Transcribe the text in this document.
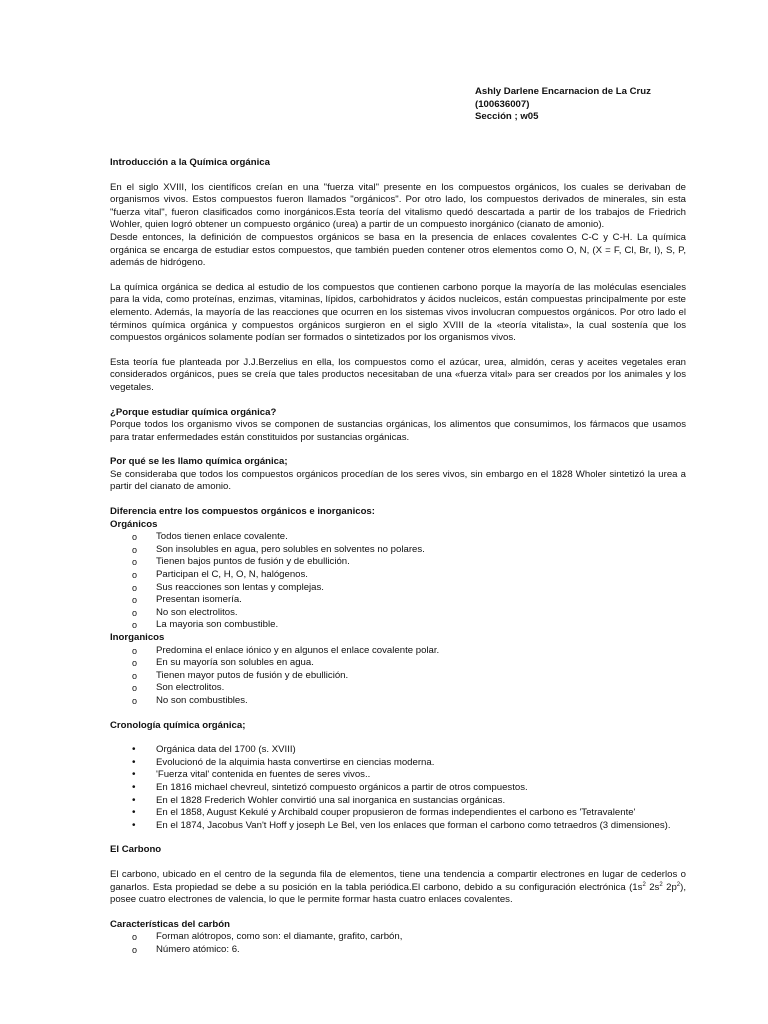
Ashly Darlene Encarnacion de La Cruz
(100636007)
Sección ; w05
Introducción a la Química orgánica

En el siglo XVIII, los científicos creían en una "fuerza vital" presente en los compuestos orgánicos, los cuales se derivaban de organismos vivos. Estos compuestos fueron llamados "orgánicos". Por otro lado, los compuestos derivados de minerales, sin esta "fuerza vital", fueron clasificados como inorgánicos.Esta teoría del vitalismo quedó descartada a partir de los trabajos de Friedrich Wohler, quien logró obtener un compuesto orgánico (urea) a partir de un compuesto inorgánico (cianato de amonio).

Desde entonces, la definición de compuestos orgánicos se basa en la presencia de enlaces covalentes C-C y C-H. La química orgánica se encarga de estudiar estos compuestos, que también pueden contener otros elementos como O, N, (X = F, Cl, Br, I), S, P, además de hidrógeno.

La química orgánica se dedica al estudio de los compuestos que contienen carbono porque la mayoría de las moléculas esenciales para la vida, como proteínas, enzimas, vitaminas, lípidos, carbohidratos y ácidos nucleicos, están compuestas principalmente por este elemento. Además, la mayoría de las reacciones que ocurren en los sistemas vivos involucran compuestos orgánicos. Por otro lado el términos química orgánica y compuestos orgánicos surgieron en el siglo XVIII de la «teoría vitalista», la cual sostenía que los compuestos orgánicos solamente podían ser formados o sintetizados por los organismos vivos.

Esta teoría fue planteada por J.J.Berzelius en ella, los compuestos como el azúcar, urea, almidón, ceras y aceites vegetales eran considerados orgánicos, pues se creía que tales productos necesitaban de una «fuerza vital» para ser creados por los animales y los vegetales.

¿Porque estudiar química orgánica?

Porque todos los organismo vivos se componen de sustancias orgánicas, los alimentos que consumimos, los fármacos que usamos para tratar enfermedades están constituidos por sustancias orgánicas.

Por qué se les llamo química orgánica;

Se consideraba que todos los compuestos orgánicos procedían de los seres vivos, sin embargo en el 1828 Wholer sintetizó la urea a partir del cianato de amonio.

Diferencia entre los compuestos orgánicos e inorganicos:
Orgánicos
o	Todos tienen enlace covalente.
o	Son insolubles en agua, pero solubles en solventes no polares.
o	Tienen bajos puntos de fusión y de ebullición.
o	Participan el C, H, O, N, halógenos.
o	Sus reacciones son lentas y complejas.
o	Presentan isomería.
o	No son electrolitos.
o	La mayoria son combustible.
Inorganicos
o	Predomina el enlace iónico y en algunos el enlace covalente polar.
o	En su mayoría son solubles en agua.
o	Tienen mayor putos de fusión y de ebullición.
o	Son electrolitos.
o	No son combustibles.
Cronología química orgánica;
•	Orgánica data del 1700 (s. XVIII)
•	Evolucionó de la alquimia hasta convertirse en ciencias moderna.
•	'Fuerza vital' contenida en fuentes de seres vivos..
•	En 1816 michael chevreul, sintetizó compuesto orgánicos a partir de otros compuestos.
•	En el 1828 Frederich Wohler convirtió una sal inorganica en sustancias orgánicas.
•	En el 1858, August Kekulé y Archibald couper propusieron de formas independientes el carbono es 'Tetravalente'
•	En el 1874, Jacobus Van't Hoff y joseph Le Bel, ven los enlaces que forman el carbono como tetraedros (3 dimensiones).
El Carbono

El carbono, ubicado en el centro de la segunda fila de elementos, tiene una tendencia a compartir electrones en lugar de cederlos o ganarlos. Esta propiedad se debe a su posición en la tabla periódica.El carbono, debido a su configuración electrónica ($1s^2$ $2s^2$ $2p^2$), posee cuatro electrones de valencia, lo que le permite formar hasta cuatro enlaces covalentes.

Características del carbón
o	Forman alótropos, como son: el diamante, grafito, carbón,
o	Número atómico: 6.
